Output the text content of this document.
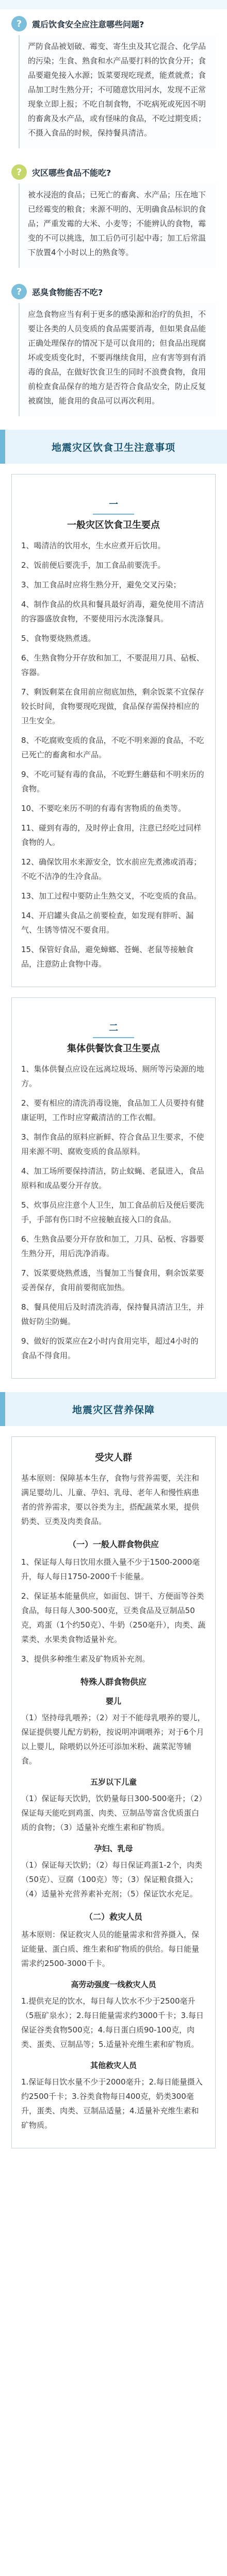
?	震后饮食安全应注意哪些问题?
严防食品被划破、霉变、寄生虫及其它混合、化学品的污染；生食、熟食和水产品要打料的饮食分开；食品要避免接入水源；饭菜要现吃现煮，能煮就煮；食品加工时生熟分开；不可随意饮用河水，发现不正常现象立即上报；不吃自制食物，不吃病死或死因不明的畜禽及水产品，或有怪味的食品，不吃过期变质；不摄入食品的时候，保持餐具清洁。
?	灾区哪些食品不能吃?
被水浸泡的食品；已死亡的畜禽、水产品；压在地下已经霉变的粮食；来源不明的、无明确食品标识的食品；严重发霉的大米、小麦等；不能辨认的食物，霉变的不可以挑选，加工后仍可引起中毒；加工后常温下放置4个小时以上的熟食等。
?	恶臭食物能否不吃?
应急食物应当有利于更多的感染源和治疗的负担，不要让各类的人员变质的食品需要消毒，但如果食品能正确处理保存的情况下是可以食用的；但食品出现腐坏或变质变化时，不要再继续食用，应有害等到有消毒的食品，在做好饮食卫生的同时不浪费食物，食用前检查食品保存的地方是否符合食品安全，防止反复被腐蚀，能食用的食品可以再次利用。
地震灾区饮食卫生注意事项
一
一般灾区饮食卫生要点
1、喝清洁的饮用水，生水应煮开后饮用。
2、饭前便后要洗手，加工食品前要洗手。
3、加工食品时应将生熟分开，避免交叉污染；
4、制作食品的炊具和餐具最好消毒，避免使用不清洁的容器盛放食物，不要使用污水洗涤餐具。
5、食物要烧熟煮透。
6、生熟食物分开存放和加工，不要混用刀具、砧板、容器。
7、剩饭剩菜在食用前应彻底加热，剩余饭菜不宜保存较长时间，食物要现吃现做，食品保存需保持相应的卫生安全。
8、不吃腐败变质的食品，不吃不明来源的食品，不吃已死亡的畜禽和水产品。
9、不吃可疑有毒的食品，不吃野生蘑菇和不明来历的食物。
10、不要吃来历不明的有毒有害物质的鱼类等。
11、碰到有毒的，及时停止食用，注意已经吃过同样食物的人。
12、确保饮用水来源安全，饮水前应先煮沸或消毒；不吃不洁净的生冷食品。
13、加工过程中要防止生熟交叉，不吃变质的食品。
14、开启罐头食品之前要检查，如发现有胖听、漏气、生锈等情况不要食用。
15、保管好食品，避免蟑螂、苍蝇、老鼠等接触食品，注意防止食物中毒。
二
集体供餐饮食卫生要点
1、集体供餐点应设在远离垃圾场、厕所等污染源的地方。
2、要有相应的清洗消毒设施，食品加工人员要持有健康证明，工作时应穿戴清洁的工作衣帽。
3、制作食品的原料应新鲜、符合食品卫生要求，不使用来源不明、腐败变质的食品原料。
4、加工场所要保持清洁，防止蚊蝇、老鼠进入，食品原料和成品要分开存放。
5、炊事员应注意个人卫生，加工食品前后及便后要洗手，手部有伤口时不应接触直接入口的食品。
6、生熟食品要分开存放和加工，刀具、砧板、容器要生熟分开，用后洗净消毒。
7、饭菜要烧熟煮透，当餐加工当餐食用，剩余饭菜要妥善保存，食用前要彻底加热。
8、餐具使用后及时清洗消毒，保持餐具清洁卫生，并做好防尘防蝇。
9、做好的饭菜应在2小时内食用完毕，超过4小时的食品不得食用。
地震灾区营养保障
受灾人群
基本原则：保障基本生存，食物与营养需要，关注和满足婴幼儿、儿童、孕妇、乳母、老年人和慢性病患者的营养需求，要以谷类为主，搭配蔬菜水果，提供奶类、豆类及肉类食品。
（一）一般人群食物供应
1、保证每人每日饮用水摄入量不少于1500-2000毫升，每人每日1750-2000千卡能量。
2、保证基本能量供应，如面包、饼干、方便面等谷类食品，每日每人300-500克，豆类食品及豆制品50克，鸡蛋（1个约50克）、牛奶（250毫升），肉类、蔬菜类、水果类食物适量补充。
3、提供多种维生素及矿物质补充剂。
特殊人群食物供应
婴儿
（1）坚持母乳喂养；（2）对于不能母乳喂养的婴儿，保证提供婴儿配方奶粉，按说明冲调喂养；对于6个月以上婴儿，除喂奶以外还可添加米粉、蔬菜泥等辅食。
五岁以下儿童
（1）保证每天饮奶，饮奶量每日300-500毫升；（2）保证每天能吃到鸡蛋、肉类、豆制品等富含优质蛋白质的食物；（3）适量补充维生素和矿物质。
孕妇、乳母
（1）保证每天饮奶；（2）每日保证鸡蛋1-2个，肉类（50克）、豆腐（100克）等；（3）保证粮食摄入；（4）适量补充营养素补充剂；（5）保证饮水充足。
（二）救灾人员
基本原则：保证救灾人员的能量需求和营养摄入，保证能量、蛋白质、维生素和矿物质的供给。每日能量需求约2500-3000千卡。
高劳动强度一线救灾人员
1.提供充足的饮水，每日每人饮水不少于2500毫升（5瓶矿泉水）；2.每日能量需求约3000千卡；3.每日保证谷类食物500克；4.每日蛋白质90-100克，肉类、蛋类、豆制品等；5.适量补充维生素和矿物质。
其他救灾人员
1.保证每日饮水量不少于2000毫升；2.每日能量摄入约2500千卡；3.谷类食物每日400克，奶类300毫升，蛋类、肉类、豆制品适量；4.适量补充维生素和矿物质。
